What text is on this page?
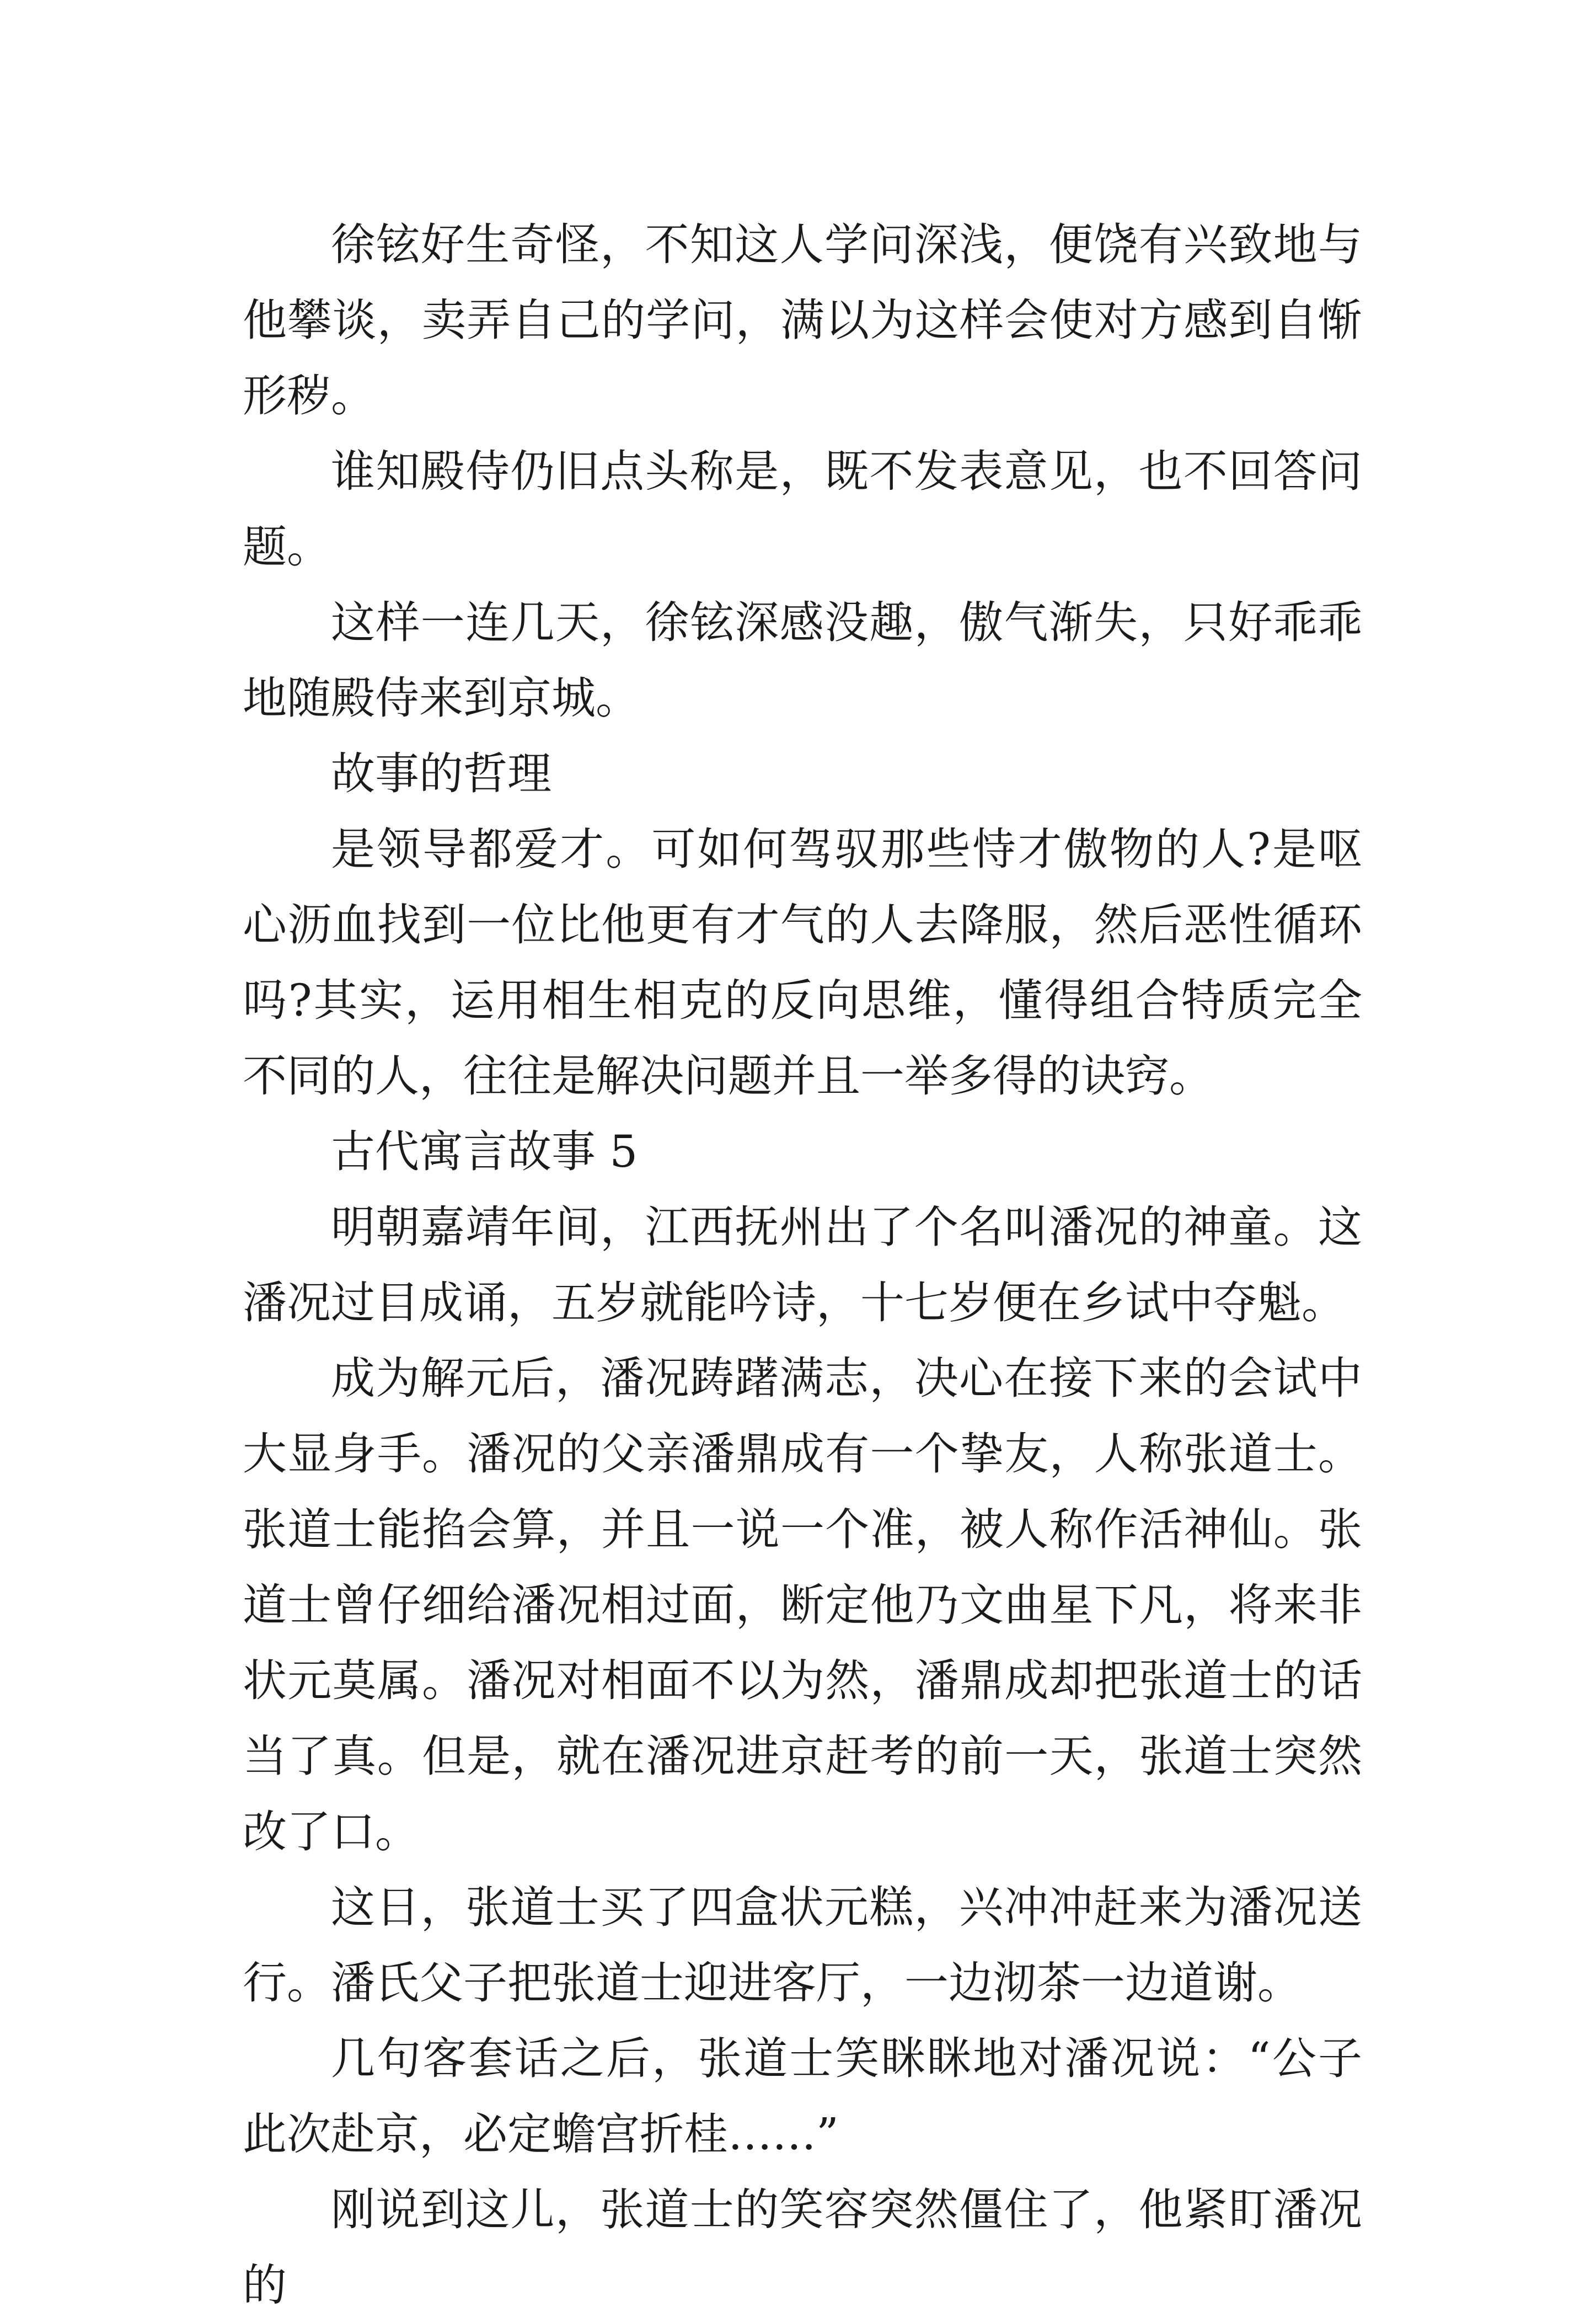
徐铉好生奇怪，不知这人学问深浅，便饶有兴致地与他攀谈，卖弄自己的学问，满以为这样会使对方感到自惭形秽。

谁知殿侍仍旧点头称是，既不发表意见，也不回答问题。

这样一连几天，徐铉深感没趣，傲气渐失，只好乖乖地随殿侍来到京城。

故事的哲理

是领导都爱才。可如何驾驭那些恃才傲物的人?是呕心沥血找到一位比他更有才气的人去降服，然后恶性循环吗?其实，运用相生相克的反向思维，懂得组合特质完全不同的人，往往是解决问题并且一举多得的诀窍。

古代寓言故事 5

明朝嘉靖年间，江西抚州出了个名叫潘况的神童。这潘况过目成诵，五岁就能吟诗，十七岁便在乡试中夺魁。

成为解元后，潘况踌躇满志，决心在接下来的会试中大显身手。潘况的父亲潘鼎成有一个挚友，人称张道士。张道士能掐会算，并且一说一个准，被人称作活神仙。张道士曾仔细给潘况相过面，断定他乃文曲星下凡，将来非状元莫属。潘况对相面不以为然，潘鼎成却把张道士的话当了真。但是，就在潘况进京赶考的前一天，张道士突然改了口。

这日，张道士买了四盒状元糕，兴冲冲赶来为潘况送行。潘氏父子把张道士迎进客厅，一边沏茶一边道谢。

几句客套话之后，张道士笑眯眯地对潘况说：“公子此次赴京，必定蟾宫折桂……”

刚说到这儿，张道士的笑容突然僵住了，他紧盯潘况的
